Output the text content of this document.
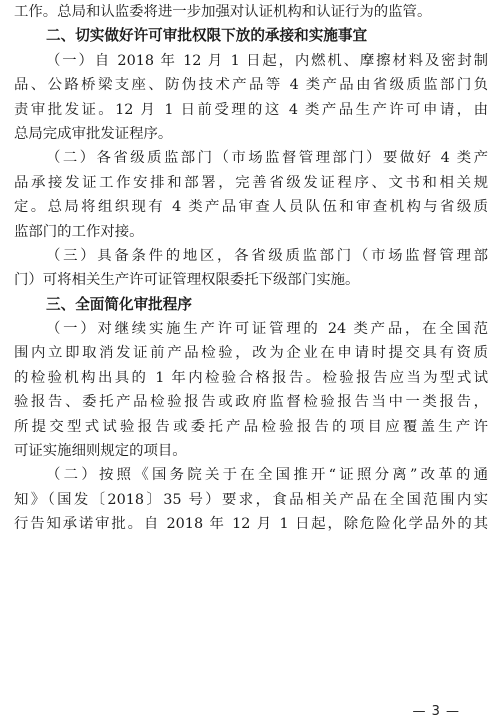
工作。总局和认监委将进一步加强对认证机构和认证行为的监管。
二、切实做好许可审批权限下放的承接和实施事宜
（一）自 2018 年 12 月 1 日起，内燃机、摩擦材料及密封制
品、公路桥梁支座、防伪技术产品等 4 类产品由省级质监部门负
责审批发证。12 月 1 日前受理的这 4 类产品生产许可申请，由
总局完成审批发证程序。
（二）各省级质监部门（市场监督管理部门）要做好 4 类产
品承接发证工作安排和部署，完善省级发证程序、文书和相关规
定。总局将组织现有 4 类产品审查人员队伍和审查机构与省级质
监部门的工作对接。
（三）具备条件的地区，各省级质监部门（市场监督管理部
门）可将相关生产许可证管理权限委托下级部门实施。
三、全面简化审批程序
（一）对继续实施生产许可证管理的 24 类产品，在全国范
围内立即取消发证前产品检验，改为企业在申请时提交具有资质
的检验机构出具的 1 年内检验合格报告。检验报告应当为型式试
验报告、委托产品检验报告或政府监督检验报告当中一类报告，
所提交型式试验报告或委托产品检验报告的项目应覆盖生产许
可证实施细则规定的项目。
（二）按照《国务院关于在全国推开“证照分离”改革的通
知》（国发〔2018〕35 号）要求，食品相关产品在全国范围内实
行告知承诺审批。自 2018 年 12 月 1 日起，除危险化学品外的其
— 3 —
